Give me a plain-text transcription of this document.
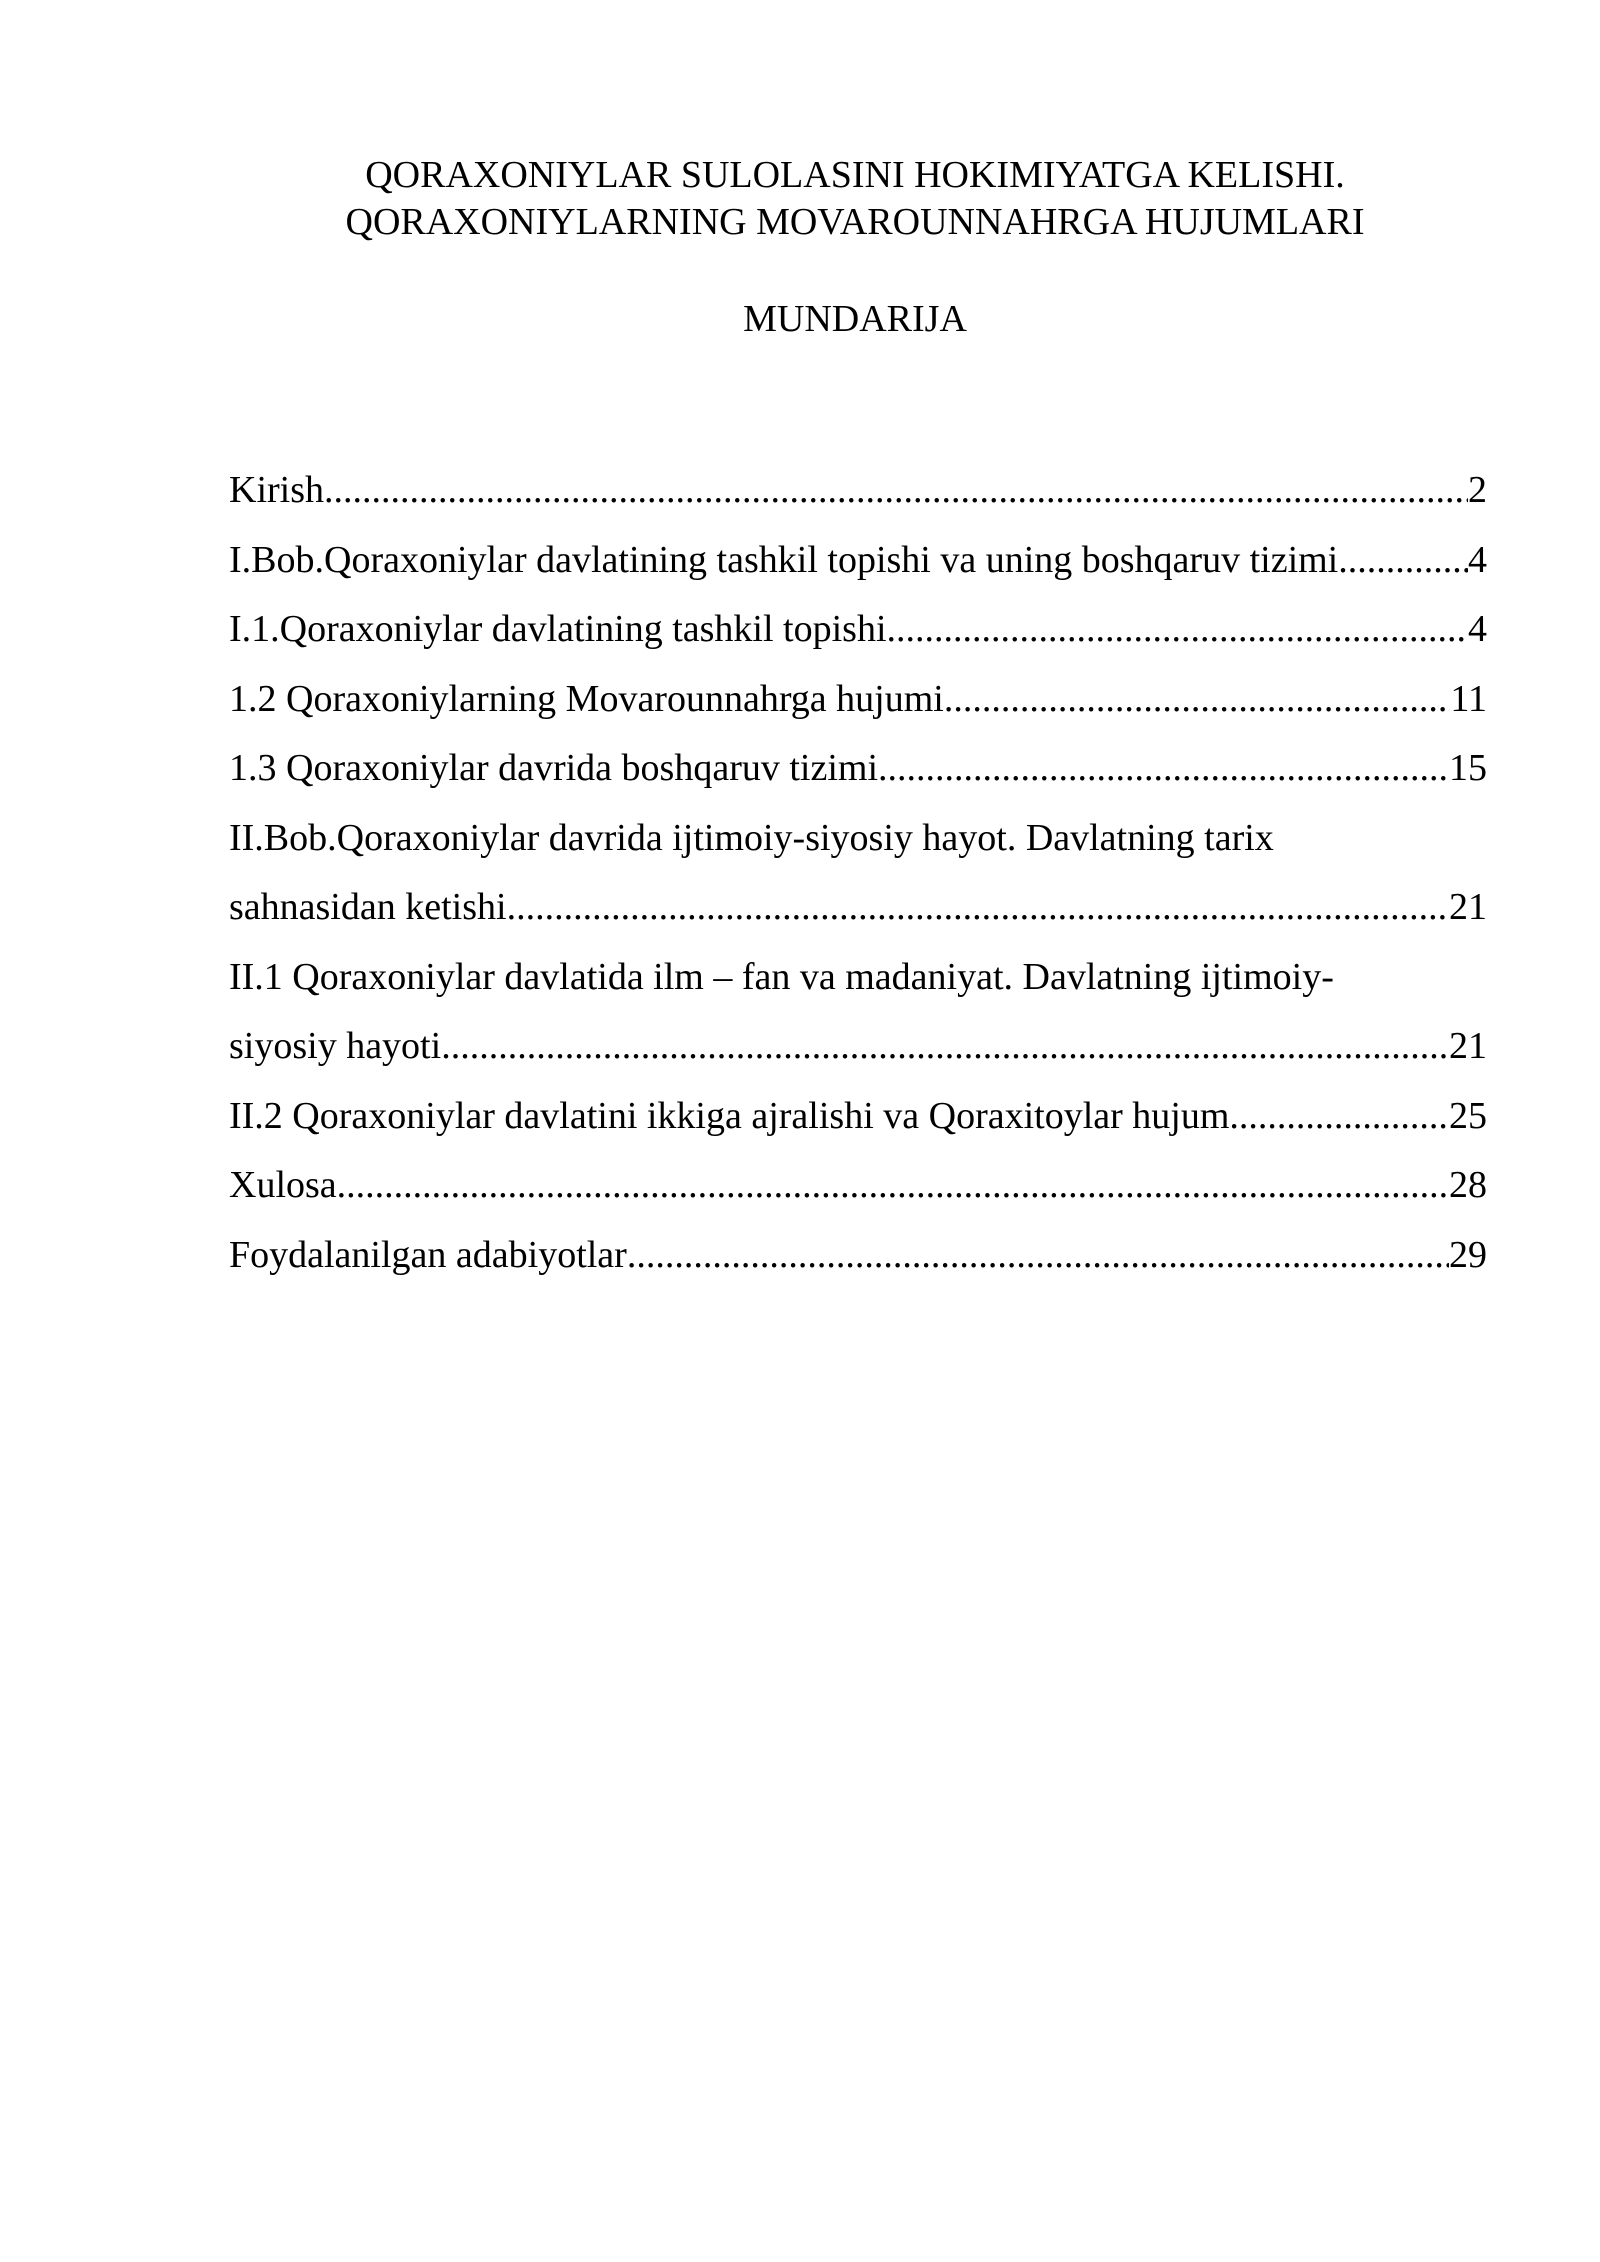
QORAXONIYLAR SULOLASINI HOKIMIYATGA KELISHI.
QORAXONIYLARNING MOVAROUNNAHRGA HUJUMLARI
MUNDARIJA
Kirish .....	2
I.Bob.Qoraxoniylar davlatining tashkil topishi va uning boshqaruv tizimi .....	4
I.1.Qoraxoniylar davlatining tashkil topishi .....	4
1.2 Qoraxoniylarning Movarounnahrga hujumi .....	11
1.3 Qoraxoniylar davrida boshqaruv tizimi .....	15
II.Bob.Qoraxoniylar davrida ijtimoiy-siyosiy hayot. Davlatning tarix
sahnasidan ketishi .....	21
II.1 Qoraxoniylar davlatida ilm – fan va madaniyat. Davlatning ijtimoiy-
siyosiy hayoti .....	21
II.2 Qoraxoniylar davlatini ikkiga ajralishi va Qoraxitoylar hujum .....	25
Xulosa .....	28
Foydalanilgan adabiyotlar .....	29
